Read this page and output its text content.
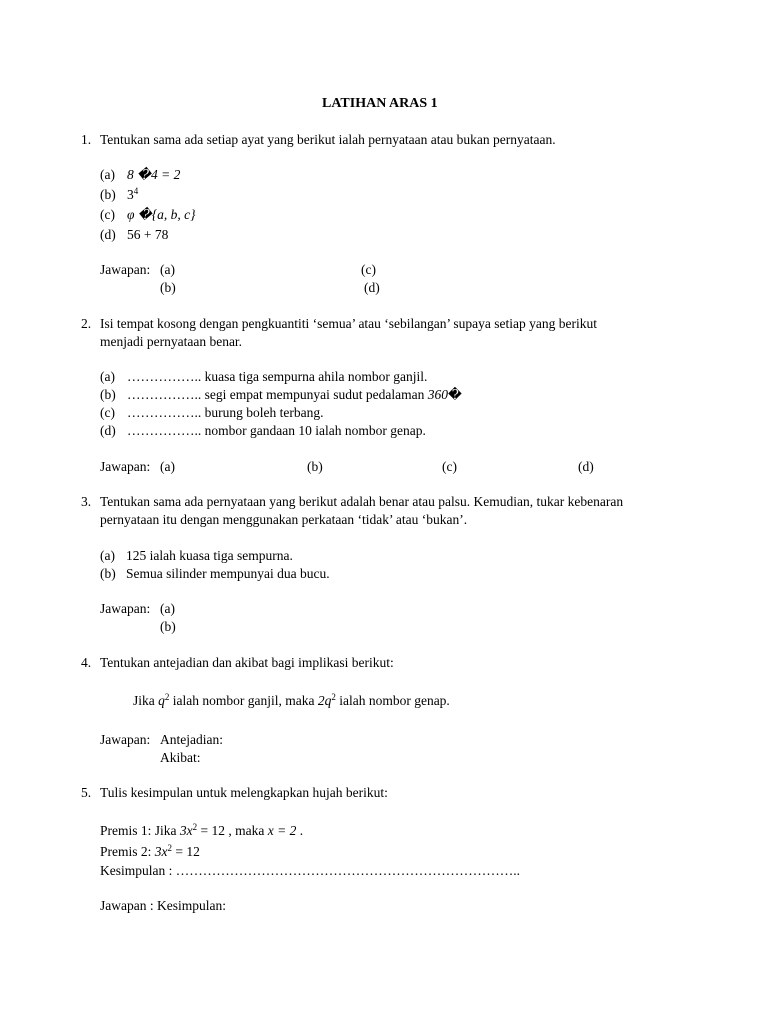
LATIHAN ARAS 1
1. Tentukan sama ada setiap ayat yang berikut ialah pernyataan atau bukan pernyataan.
(a) 8 �4 = 2
(b) $3^4$
(c) φ �{a, b, c}
(d) 56 + 78
Jawapan: (a)	(c)
(b)	(d)
2. Isi tempat kosong dengan pengkuantiti ‘semua’ atau ‘sebilangan’ supaya setiap yang berikut
menjadi pernyataan benar.
(a) …………….. kuasa tiga sempurna ahila nombor ganjil.
(b) …………….. segi empat mempunyai sudut pedalaman 360�
(c) …………….. burung boleh terbang.
(d) …………….. nombor gandaan 10 ialah nombor genap.
Jawapan: (a)	(b)	(c)	(d)
3. Tentukan sama ada pernyataan yang berikut adalah benar atau palsu. Kemudian, tukar kebenaran
pernyataan itu dengan menggunakan perkataan ‘tidak’ atau ‘bukan’.
(a) 125 ialah kuasa tiga sempurna.
(b) Semua silinder mempunyai dua bucu.
Jawapan: (a)
(b)
4. Tentukan antejadian dan akibat bagi implikasi berikut:
Jika $q^2$ ialah nombor ganjil, maka $2q^2$ ialah nombor genap.
Jawapan: Antejadian:
Akibat:
5. Tulis kesimpulan untuk melengkapkan hujah berikut:
Premis 1: Jika $3x^2 = 12$ , maka x = 2 .
Premis 2: $3x^2 = 12$
Kesimpulan : …………………………………………………………………..
Jawapan : Kesimpulan:
